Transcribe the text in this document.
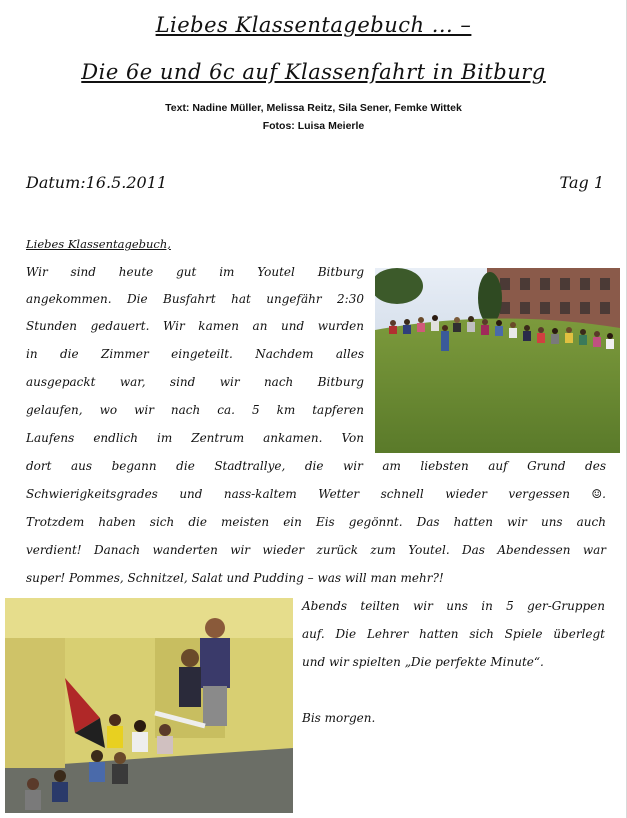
Liebes Klassentagebuch ... –
Die 6e und 6c auf Klassenfahrt in Bitburg
Text: Nadine Müller, Melissa Reitz, Sila Sener, Femke Wittek
Fotos: Luisa Meierle
Datum:16.5.2011	Tag 1
Liebes Klassentagebuch,
Wir sind heute gut im Youtel Bitburg
angekommen. Die Busfahrt hat ungefähr 2:30
Stunden gedauert. Wir kamen an und wurden
in die Zimmer eingeteilt. Nachdem alles
ausgepackt war, sind wir nach Bitburg
gelaufen, wo wir nach ca. 5 km tapferen
Laufens endlich im Zentrum ankamen. Von
dort aus begann die Stadtrallye, die wir am liebsten auf Grund des
Schwierigkeitsgrades und nass-kaltem Wetter schnell wieder vergessen ☺.
Trotzdem haben sich die meisten ein Eis gegönnt. Das hatten wir uns auch
verdient! Danach wanderten wir wieder zurück zum Youtel. Das Abendessen war
super! Pommes, Schnitzel, Salat und Pudding – was will man mehr?!
Abends teilten wir uns in 5 ger-Gruppen
auf. Die Lehrer hatten sich Spiele überlegt
und wir spielten „Die perfekte Minute“.
Bis morgen.
